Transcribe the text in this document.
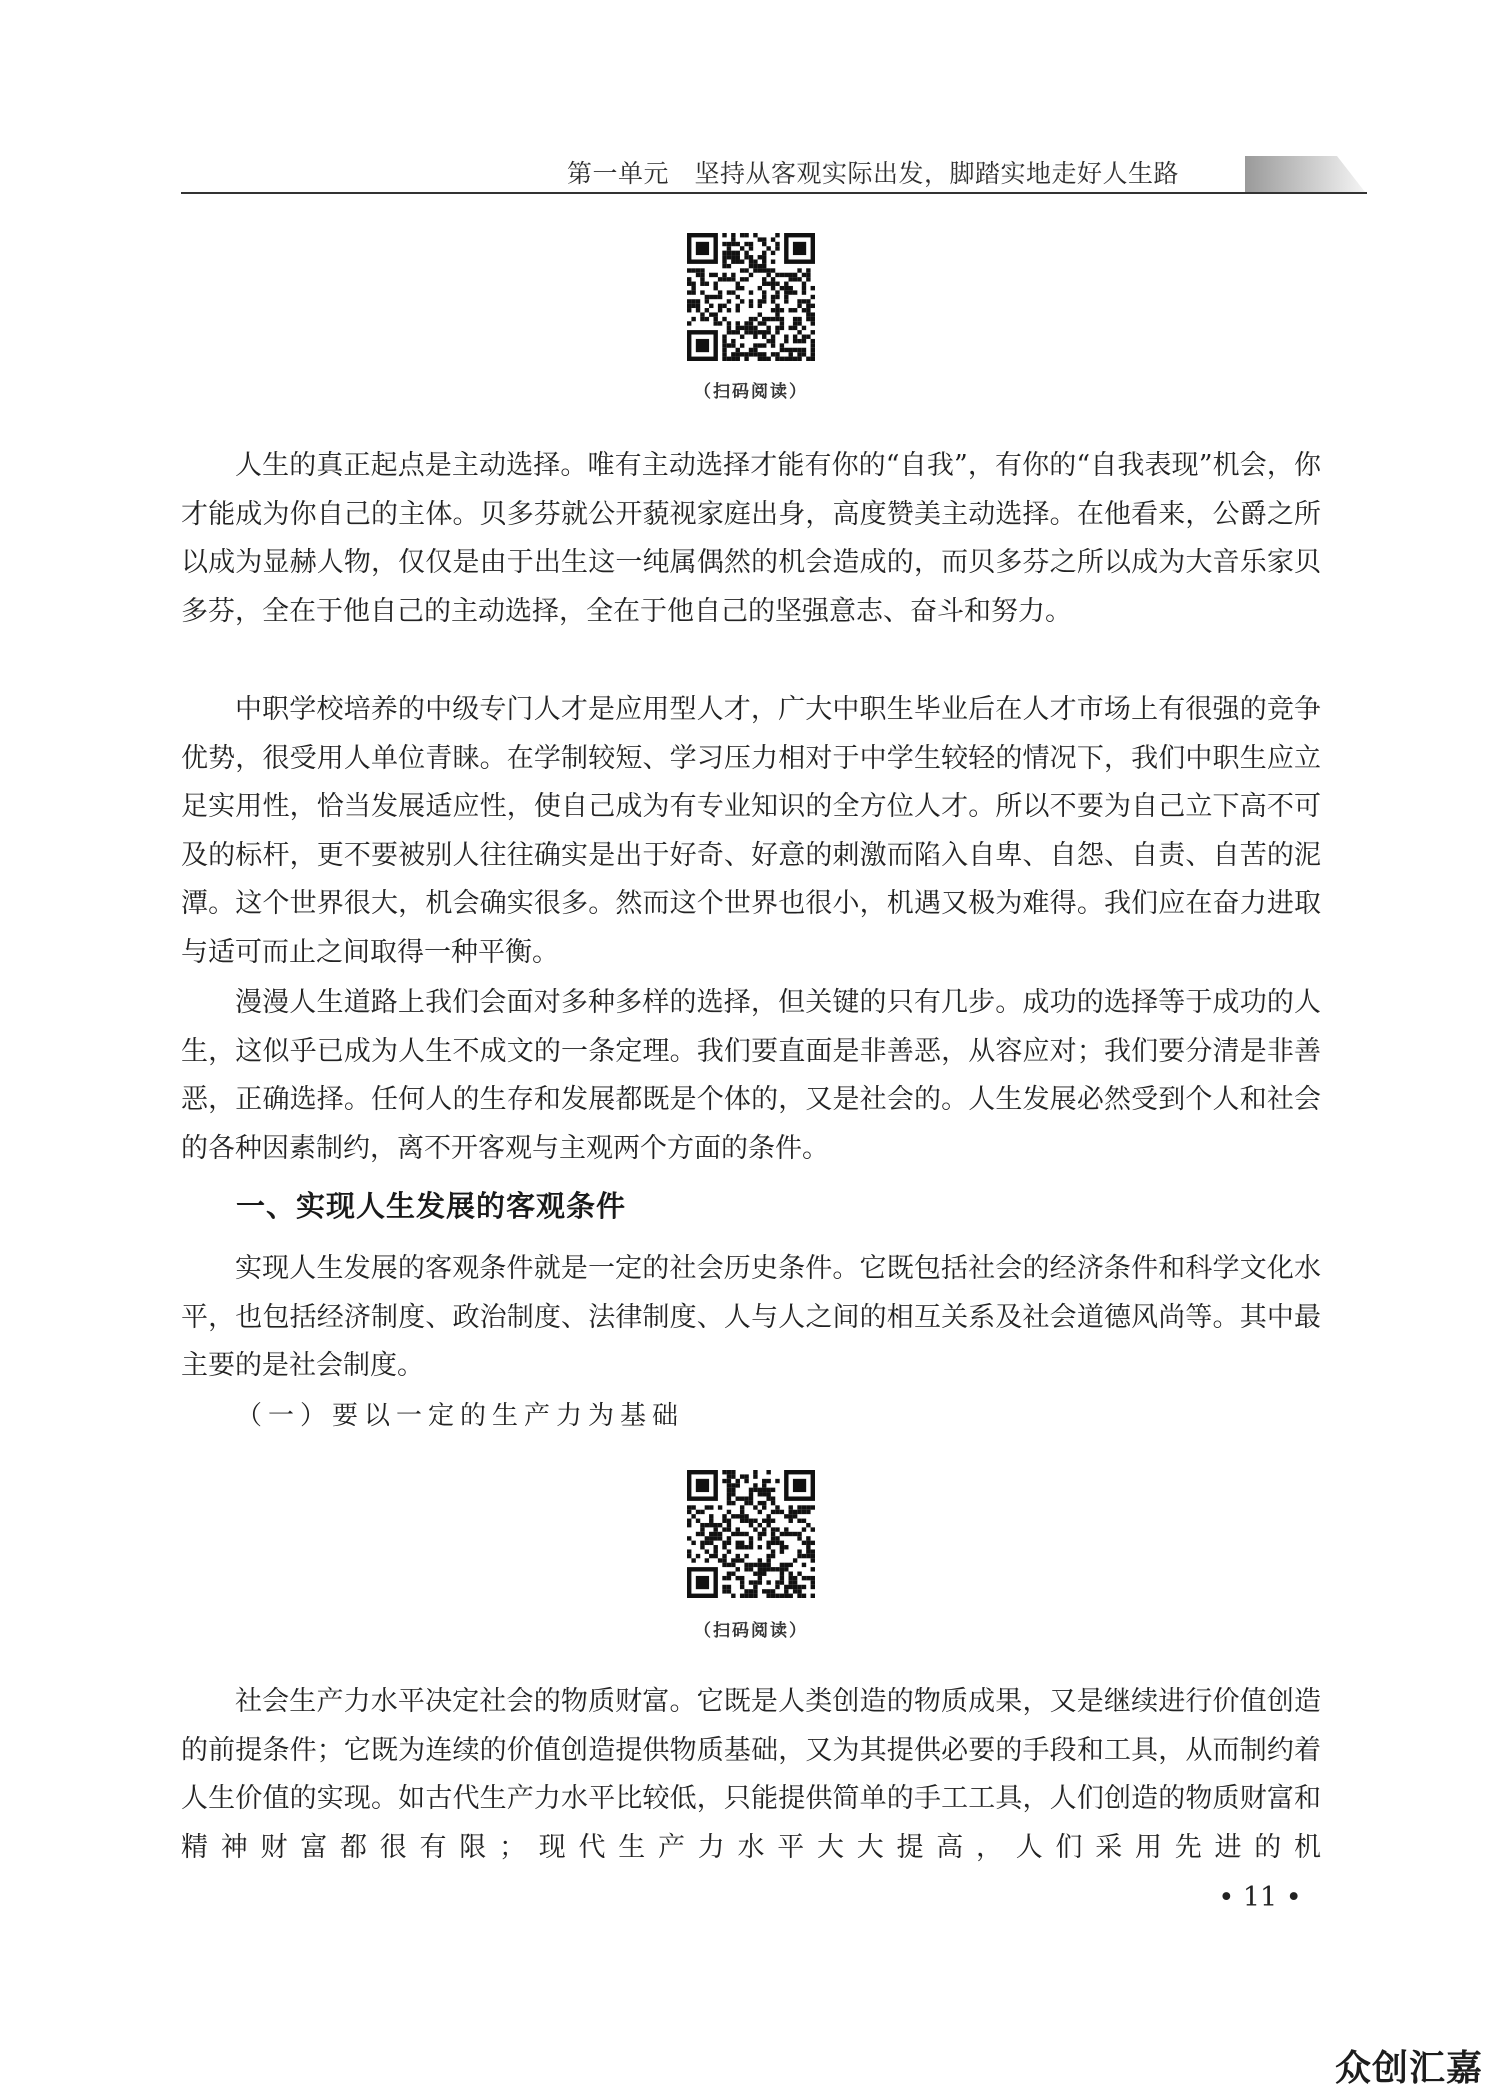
第一单元　坚持从客观实际出发，脚踏实地走好人生路
（扫码阅读）
人生的真正起点是主动选择。唯有主动选择才能有你的“自我”，有你的“自我表现”机会，你才能成为你自己的主体。贝多芬就公开藐视家庭出身，高度赞美主动选择。在他看来，公爵之所以成为显赫人物，仅仅是由于出生这一纯属偶然的机会造成的，而贝多芬之所以成为大音乐家贝多芬，全在于他自己的主动选择，全在于他自己的坚强意志、奋斗和努力。
中职学校培养的中级专门人才是应用型人才，广大中职生毕业后在人才市场上有很强的竞争优势，很受用人单位青睐。在学制较短、学习压力相对于中学生较轻的情况下，我们中职生应立足实用性，恰当发展适应性，使自己成为有专业知识的全方位人才。所以不要为自己立下高不可及的标杆，更不要被别人往往确实是出于好奇、好意的刺激而陷入自卑、自怨、自责、自苦的泥潭。这个世界很大，机会确实很多。然而这个世界也很小，机遇又极为难得。我们应在奋力进取与适可而止之间取得一种平衡。
漫漫人生道路上我们会面对多种多样的选择，但关键的只有几步。成功的选择等于成功的人生，这似乎已成为人生不成文的一条定理。我们要直面是非善恶，从容应对；我们要分清是非善恶，正确选择。任何人的生存和发展都既是个体的，又是社会的。人生发展必然受到个人和社会的各种因素制约，离不开客观与主观两个方面的条件。
一、实现人生发展的客观条件
实现人生发展的客观条件就是一定的社会历史条件。它既包括社会的经济条件和科学文化水平，也包括经济制度、政治制度、法律制度、人与人之间的相互关系及社会道德风尚等。其中最主要的是社会制度。
（一）要以一定的生产力为基础
（扫码阅读）
社会生产力水平决定社会的物质财富。它既是人类创造的物质成果，又是继续进行价值创造的前提条件；它既为连续的价值创造提供物质基础，又为其提供必要的手段和工具，从而制约着人生价值的实现。如古代生产力水平比较低，只能提供简单的手工工具，人们创造的物质财富和精神财富都很有限；现代生产力水平大大提高，人们采用先进的机
• 11 •
众创汇嘉
